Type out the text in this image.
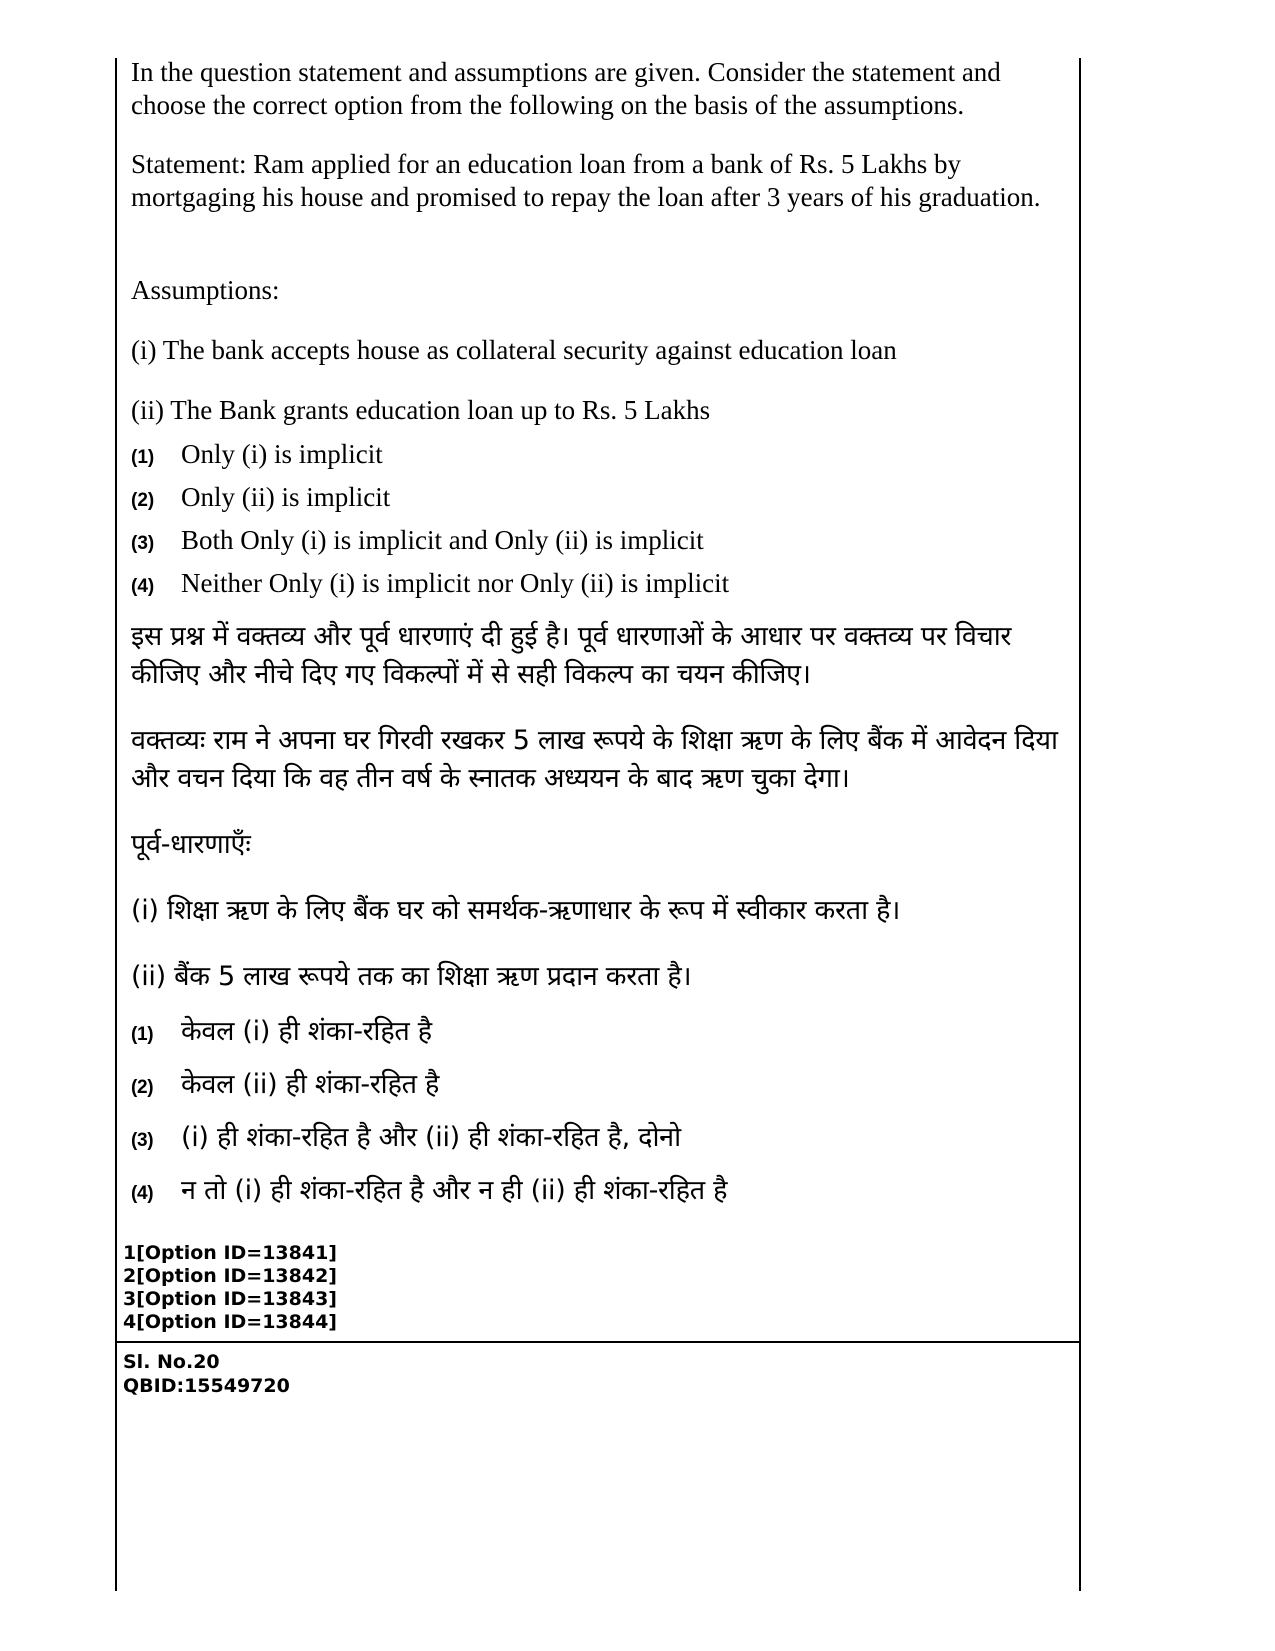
In the question statement and assumptions are given. Consider the statement and choose the correct option from the following on the basis of the assumptions.

Statement: Ram applied for an education loan from a bank of Rs. 5 Lakhs by mortgaging his house and promised to repay the loan after 3 years of his graduation.

Assumptions:

(i) The bank accepts house as collateral security against education loan

(ii) The Bank grants education loan up to Rs. 5 Lakhs

(1) Only (i) is implicit
(2) Only (ii) is implicit
(3) Both Only (i) is implicit and Only (ii) is implicit
(4) Neither Only (i) is implicit nor Only (ii) is implicit

इस प्रश्न में वक्तव्य और पूर्व धारणाएं दी हुई है। पूर्व धारणाओं के आधार पर वक्तव्य पर विचार कीजिए और नीचे दिए गए विकल्पों में से सही विकल्प का चयन कीजिए।

वक्तव्यः राम ने अपना घर गिरवी रखकर 5 लाख रूपये के शिक्षा ऋण के लिए बैंक में आवेदन दिया और वचन दिया कि वह तीन वर्ष के स्नातक अध्ययन के बाद ऋण चुका देगा।

पूर्व-धारणाएँः

(i) शिक्षा ऋण के लिए बैंक घर को समर्थक-ऋणाधार के रूप में स्वीकार करता है।

(ii) बैंक 5 लाख रूपये तक का शिक्षा ऋण प्रदान करता है।

(1)	केवल (i) ही शंका-रहित है
(2)	केवल (ii) ही शंका-रहित है
(3)	(i) ही शंका-रहित है और (ii) ही शंका-रहित है, दोनो
(4)	न तो (i) ही शंका-रहित है और न ही (ii) ही शंका-रहित है
1[Option ID=13841]
2[Option ID=13842]
3[Option ID=13843]
4[Option ID=13844]
Sl. No.20
QBID:15549720
